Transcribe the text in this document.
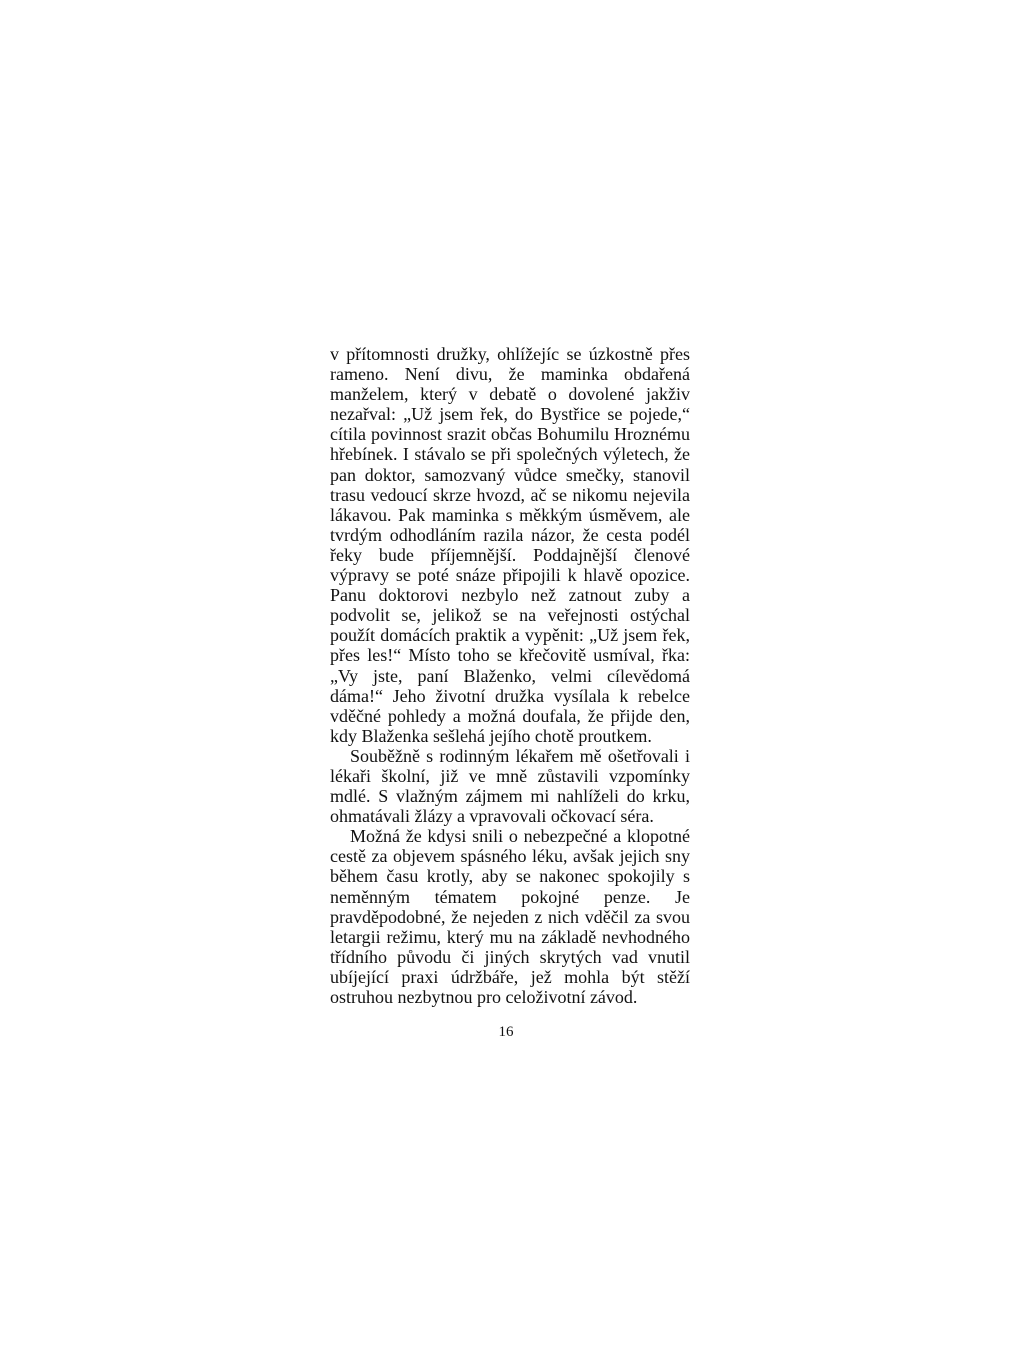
v přítomnosti družky, ohlížejíc se úzkostně přes rameno. Není divu, že maminka obdařená manželem, který v debatě o dovolené jakživ nezařval: „Už jsem řek, do Bystřice se pojede,“ cítila povinnost srazit občas Bohumilu Hroznému hřebínek. I stávalo se při společných výletech, že pan doktor, samozvaný vůdce smečky, stanovil trasu vedoucí skrze hvozd, ač se nikomu nejevila lákavou. Pak maminka s měkkým úsměvem, ale tvrdým odhodláním razila názor, že cesta podél řeky bude příjemnější. Poddajnější členové výpravy se poté snáze připojili k hlavě opozice. Panu doktorovi nezbylo než zatnout zuby a podvolit se, jelikož se na veřejnosti ostýchal použít domácích praktik a vypěnit: „Už jsem řek, přes les!“ Místo toho se křečovitě usmíval, řka: „Vy jste, paní Blaženko, velmi cílevědomá dáma!“ Jeho životní družka vysílala k rebelce vděčné pohledy a možná doufala, že přijde den, kdy Blaženka sešlehá jejího chotě proutkem.

Souběžně s rodinným lékařem mě ošetřovali i lékaři školní, již ve mně zůstavili vzpomínky mdlé. S vlažným zájmem mi nahlíželi do krku, ohmatávali žlázy a vpravovali očkovací séra.

Možná že kdysi snili o nebezpečné a klopotné cestě za objevem spásného léku, avšak jejich sny během času krotly, aby se nakonec spokojily s neměnným tématem pokojné penze. Je pravděpodobné, že nejeden z nich vděčil za svou letargii režimu, který mu na základě nevhodného třídního původu či jiných skrytých vad vnutil ubíjející praxi údržbáře, jež mohla být stěží ostruhou nezbytnou pro celoživotní závod.

16
